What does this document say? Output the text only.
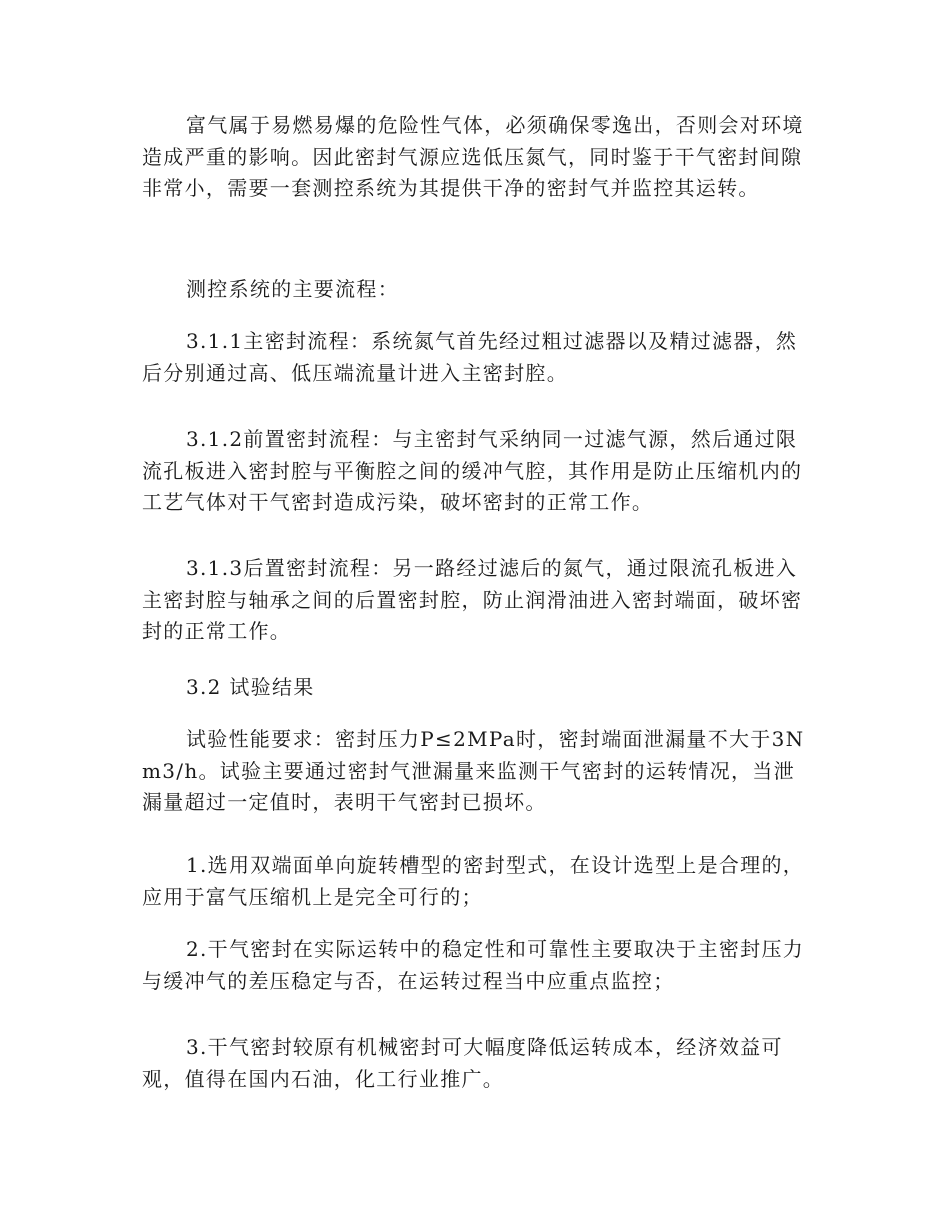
富气属于易燃易爆的危险性气体，必须确保零逸出，否则会对环境造成严重的影响。因此密封气源应选低压氮气，同时鉴于干气密封间隙非常小，需要一套测控系统为其提供干净的密封气并监控其运转。

测控系统的主要流程：

3.1.1主密封流程：系统氮气首先经过粗过滤器以及精过滤器，然后分别通过高、低压端流量计进入主密封腔。

3.1.2前置密封流程：与主密封气采纳同一过滤气源，然后通过限流孔板进入密封腔与平衡腔之间的缓冲气腔，其作用是防止压缩机内的工艺气体对干气密封造成污染，破坏密封的正常工作。

3.1.3后置密封流程：另一路经过滤后的氮气，通过限流孔板进入主密封腔与轴承之间的后置密封腔，防止润滑油进入密封端面，破坏密封的正常工作。

3.2 试验结果

试验性能要求：密封压力P≤2MPa时，密封端面泄漏量不大于3Nm3/h。试验主要通过密封气泄漏量来监测干气密封的运转情况，当泄漏量超过一定值时，表明干气密封已损坏。

1.选用双端面单向旋转槽型的密封型式，在设计选型上是合理的，应用于富气压缩机上是完全可行的；

2.干气密封在实际运转中的稳定性和可靠性主要取决于主密封压力与缓冲气的差压稳定与否，在运转过程当中应重点监控；

3.干气密封较原有机械密封可大幅度降低运转成本，经济效益可观，值得在国内石油，化工行业推广。
